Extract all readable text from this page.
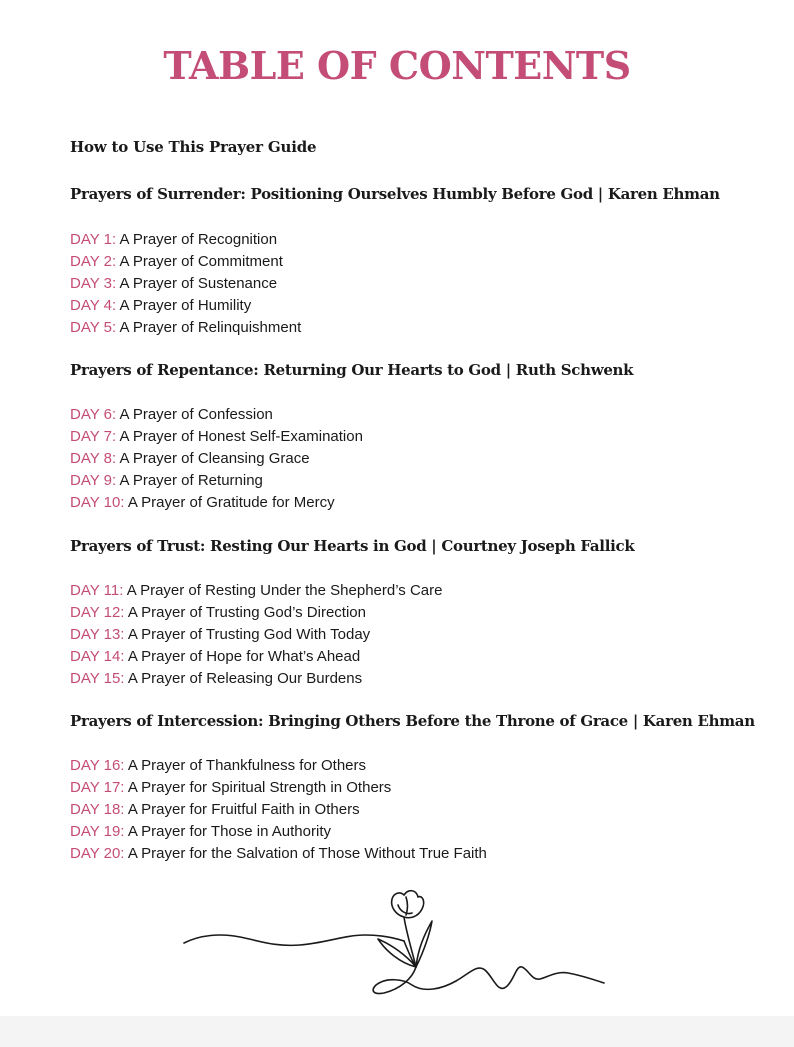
TABLE OF CONTENTS
How to Use This Prayer Guide
Prayers of Surrender: Positioning Ourselves Humbly Before God | Karen Ehman
DAY 1: A Prayer of Recognition
DAY 2: A Prayer of Commitment
DAY 3: A Prayer of Sustenance
DAY 4: A Prayer of Humility
DAY 5: A Prayer of Relinquishment
Prayers of Repentance: Returning Our Hearts to God | Ruth Schwenk
DAY 6: A Prayer of Confession
DAY 7: A Prayer of Honest Self-Examination
DAY 8: A Prayer of Cleansing Grace
DAY 9: A Prayer of Returning
DAY 10: A Prayer of Gratitude for Mercy
Prayers of Trust: Resting Our Hearts in God | Courtney Joseph Fallick
DAY 11: A Prayer of Resting Under the Shepherd’s Care
DAY 12: A Prayer of Trusting God’s Direction
DAY 13: A Prayer of Trusting God With Today
DAY 14: A Prayer of Hope for What’s Ahead
DAY 15: A Prayer of Releasing Our Burdens
Prayers of Intercession: Bringing Others Before the Throne of Grace | Karen Ehman
DAY 16: A Prayer of Thankfulness for Others
DAY 17: A Prayer for Spiritual Strength in Others
DAY 18: A Prayer for Fruitful Faith in Others
DAY 19: A Prayer for Those in Authority
DAY 20: A Prayer for the Salvation of Those Without True Faith
